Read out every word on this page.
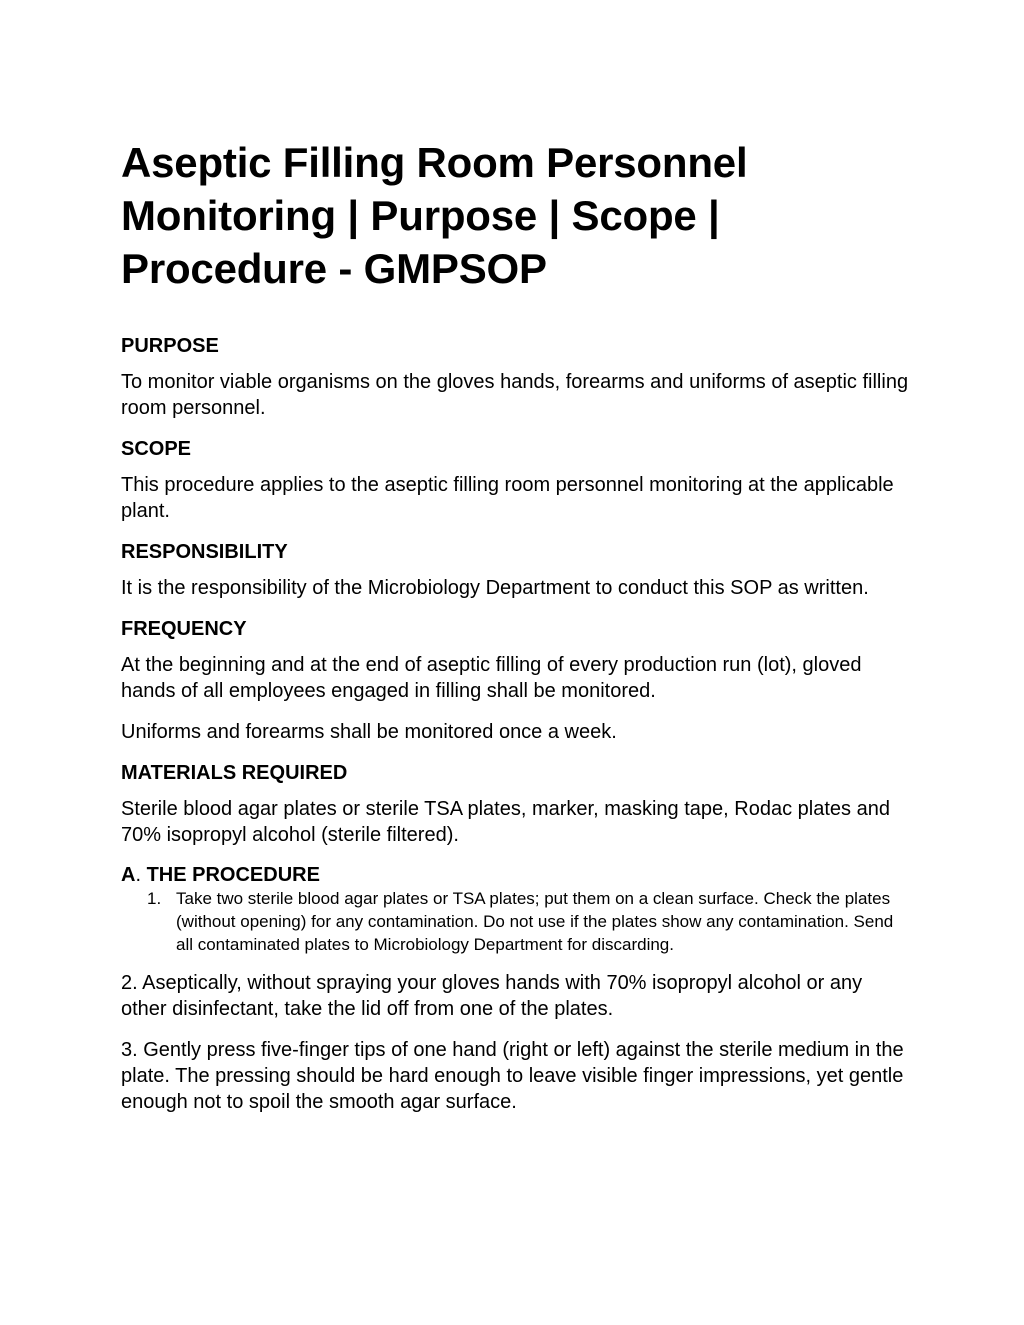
Aseptic Filling Room Personnel Monitoring | Purpose | Scope | Procedure - GMPSOP
PURPOSE

To monitor viable organisms on the gloves hands, forearms and uniforms of aseptic filling room personnel.

SCOPE

This procedure applies to the aseptic filling room personnel monitoring at the applicable plant.

RESPONSIBILITY

It is the responsibility of the Microbiology Department to conduct this SOP as written.

FREQUENCY

At the beginning and at the end of aseptic filling of every production run (lot), gloved hands of all employees engaged in filling shall be monitored.

Uniforms and forearms shall be monitored once a week.

MATERIALS REQUIRED

Sterile blood agar plates or sterile TSA plates, marker, masking tape, Rodac plates and 70% isopropyl alcohol (sterile filtered).

A. THE PROCEDURE
1. Take two sterile blood agar plates or TSA plates; put them on a clean surface. Check the plates (without opening) for any contamination. Do not use if the plates show any contamination. Send all contaminated plates to Microbiology Department for discarding.

2. Aseptically, without spraying your gloves hands with 70% isopropyl alcohol or any other disinfectant, take the lid off from one of the plates.

3. Gently press five-finger tips of one hand (right or left) against the sterile medium in the plate. The pressing should be hard enough to leave visible finger impressions, yet gentle enough not to spoil the smooth agar surface.
